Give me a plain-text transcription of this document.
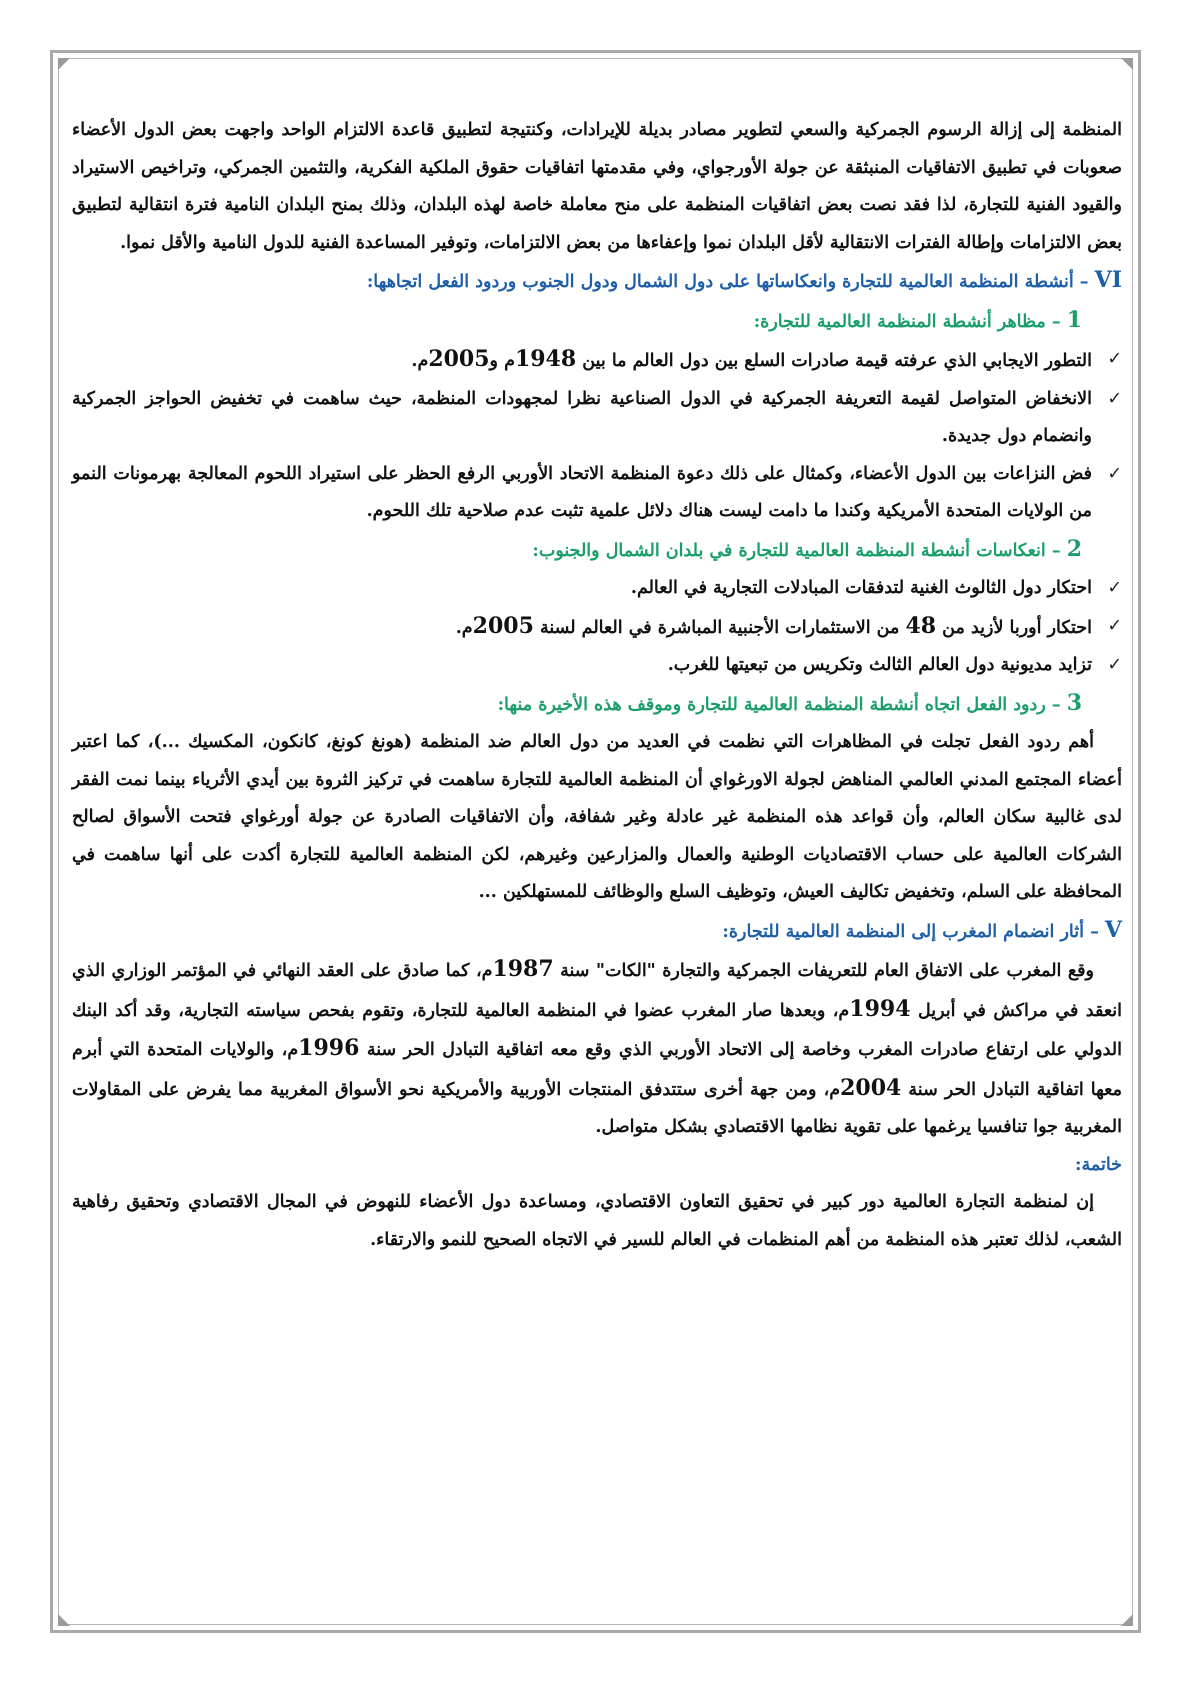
المنظمة إلى إزالة الرسوم الجمركية والسعي لتطوير مصادر بديلة للإيرادات، وكنتيجة لتطبيق قاعدة الالتزام الواحد واجهت بعض الدول الأعضاء صعوبات في تطبيق الاتفاقيات المنبثقة عن جولة الأورجواي، وفي مقدمتها اتفاقيات حقوق الملكية الفكرية، والتثمين الجمركي، وتراخيص الاستيراد والقيود الفنية للتجارة، لذا فقد نصت بعض اتفاقيات المنظمة على منح معاملة خاصة لهذه البلدان، وذلك بمنح البلدان النامية فترة انتقالية لتطبيق بعض الالتزامات وإطالة الفترات الانتقالية لأقل البلدان نموا وإعفاءها من بعض الالتزامات، وتوفير المساعدة الفنية للدول النامية والأقل نموا.

VI – أنشطة المنظمة العالمية للتجارة وانعكاساتها على دول الشمال ودول الجنوب وردود الفعل اتجاهها:

1 – مظاهر أنشطة المنظمة العالمية للتجارة:

✓
التطور الايجابي الذي عرفته قيمة صادرات السلع بين دول العالم ما بين 1948م و2005م.

✓
الانخفاض المتواصل لقيمة التعريفة الجمركية في الدول الصناعية نظرا لمجهودات المنظمة، حيث ساهمت في تخفيض الحواجز الجمركية وانضمام دول جديدة.

✓
فض النزاعات بين الدول الأعضاء، وكمثال على ذلك دعوة المنظمة الاتحاد الأوربي الرفع الحظر على استيراد اللحوم المعالجة بهرمونات النمو من الولايات المتحدة الأمريكية وكندا ما دامت ليست هناك دلائل علمية تثبت عدم صلاحية تلك اللحوم.

2 – انعكاسات أنشطة المنظمة العالمية للتجارة في بلدان الشمال والجنوب:

✓
احتكار دول الثالوث الغنية لتدفقات المبادلات التجارية في العالم.

✓
احتكار أوربا لأزيد من 48 من الاستثمارات الأجنبية المباشرة في العالم لسنة 2005م.

✓
تزايد مديونية دول العالم الثالث وتكريس من تبعيتها للغرب.

3 – ردود الفعل اتجاه أنشطة المنظمة العالمية للتجارة وموقف هذه الأخيرة منها:

أهم ردود الفعل تجلت في المظاهرات التي نظمت في العديد من دول العالم ضد المنظمة (هونغ كونغ، كانكون، المكسيك ...)، كما اعتبر أعضاء المجتمع المدني العالمي المناهض لجولة الاورغواي أن المنظمة العالمية للتجارة ساهمت في تركيز الثروة بين أيدي الأثرياء بينما نمت الفقر لدى غالبية سكان العالم، وأن قواعد هذه المنظمة غير عادلة وغير شفافة، وأن الاتفاقيات الصادرة عن جولة أورغواي فتحت الأسواق لصالح الشركات العالمية على حساب الاقتصاديات الوطنية والعمال والمزارعين وغيرهم، لكن المنظمة العالمية للتجارة أكدت على أنها ساهمت في المحافظة على السلم، وتخفيض تكاليف العيش، وتوظيف السلع والوظائف للمستهلكين ...

V – أثار انضمام المغرب إلى المنظمة العالمية للتجارة:

وقع المغرب على الاتفاق العام للتعريفات الجمركية والتجارة "الكات" سنة 1987م، كما صادق على العقد النهائي في المؤتمر الوزاري الذي انعقد في مراكش في أبريل 1994م، وبعدها صار المغرب عضوا في المنظمة العالمية للتجارة، وتقوم بفحص سياسته التجارية، وقد أكد البنك الدولي على ارتفاع صادرات المغرب وخاصة إلى الاتحاد الأوربي الذي وقع معه اتفاقية التبادل الحر سنة 1996م، والولايات المتحدة التي أبرم معها اتفاقية التبادل الحر سنة 2004م، ومن جهة أخرى ستتدفق المنتجات الأوربية والأمريكية نحو الأسواق المغربية مما يفرض على المقاولات المغربية جوا تنافسيا يرغمها على تقوية نظامها الاقتصادي بشكل متواصل.

خاتمة:

إن لمنظمة التجارة العالمية دور كبير في تحقيق التعاون الاقتصادي، ومساعدة دول الأعضاء للنهوض في المجال الاقتصادي وتحقيق رفاهية الشعب، لذلك تعتبر هذه المنظمة من أهم المنظمات في العالم للسير في الاتجاه الصحيح للنمو والارتقاء.
